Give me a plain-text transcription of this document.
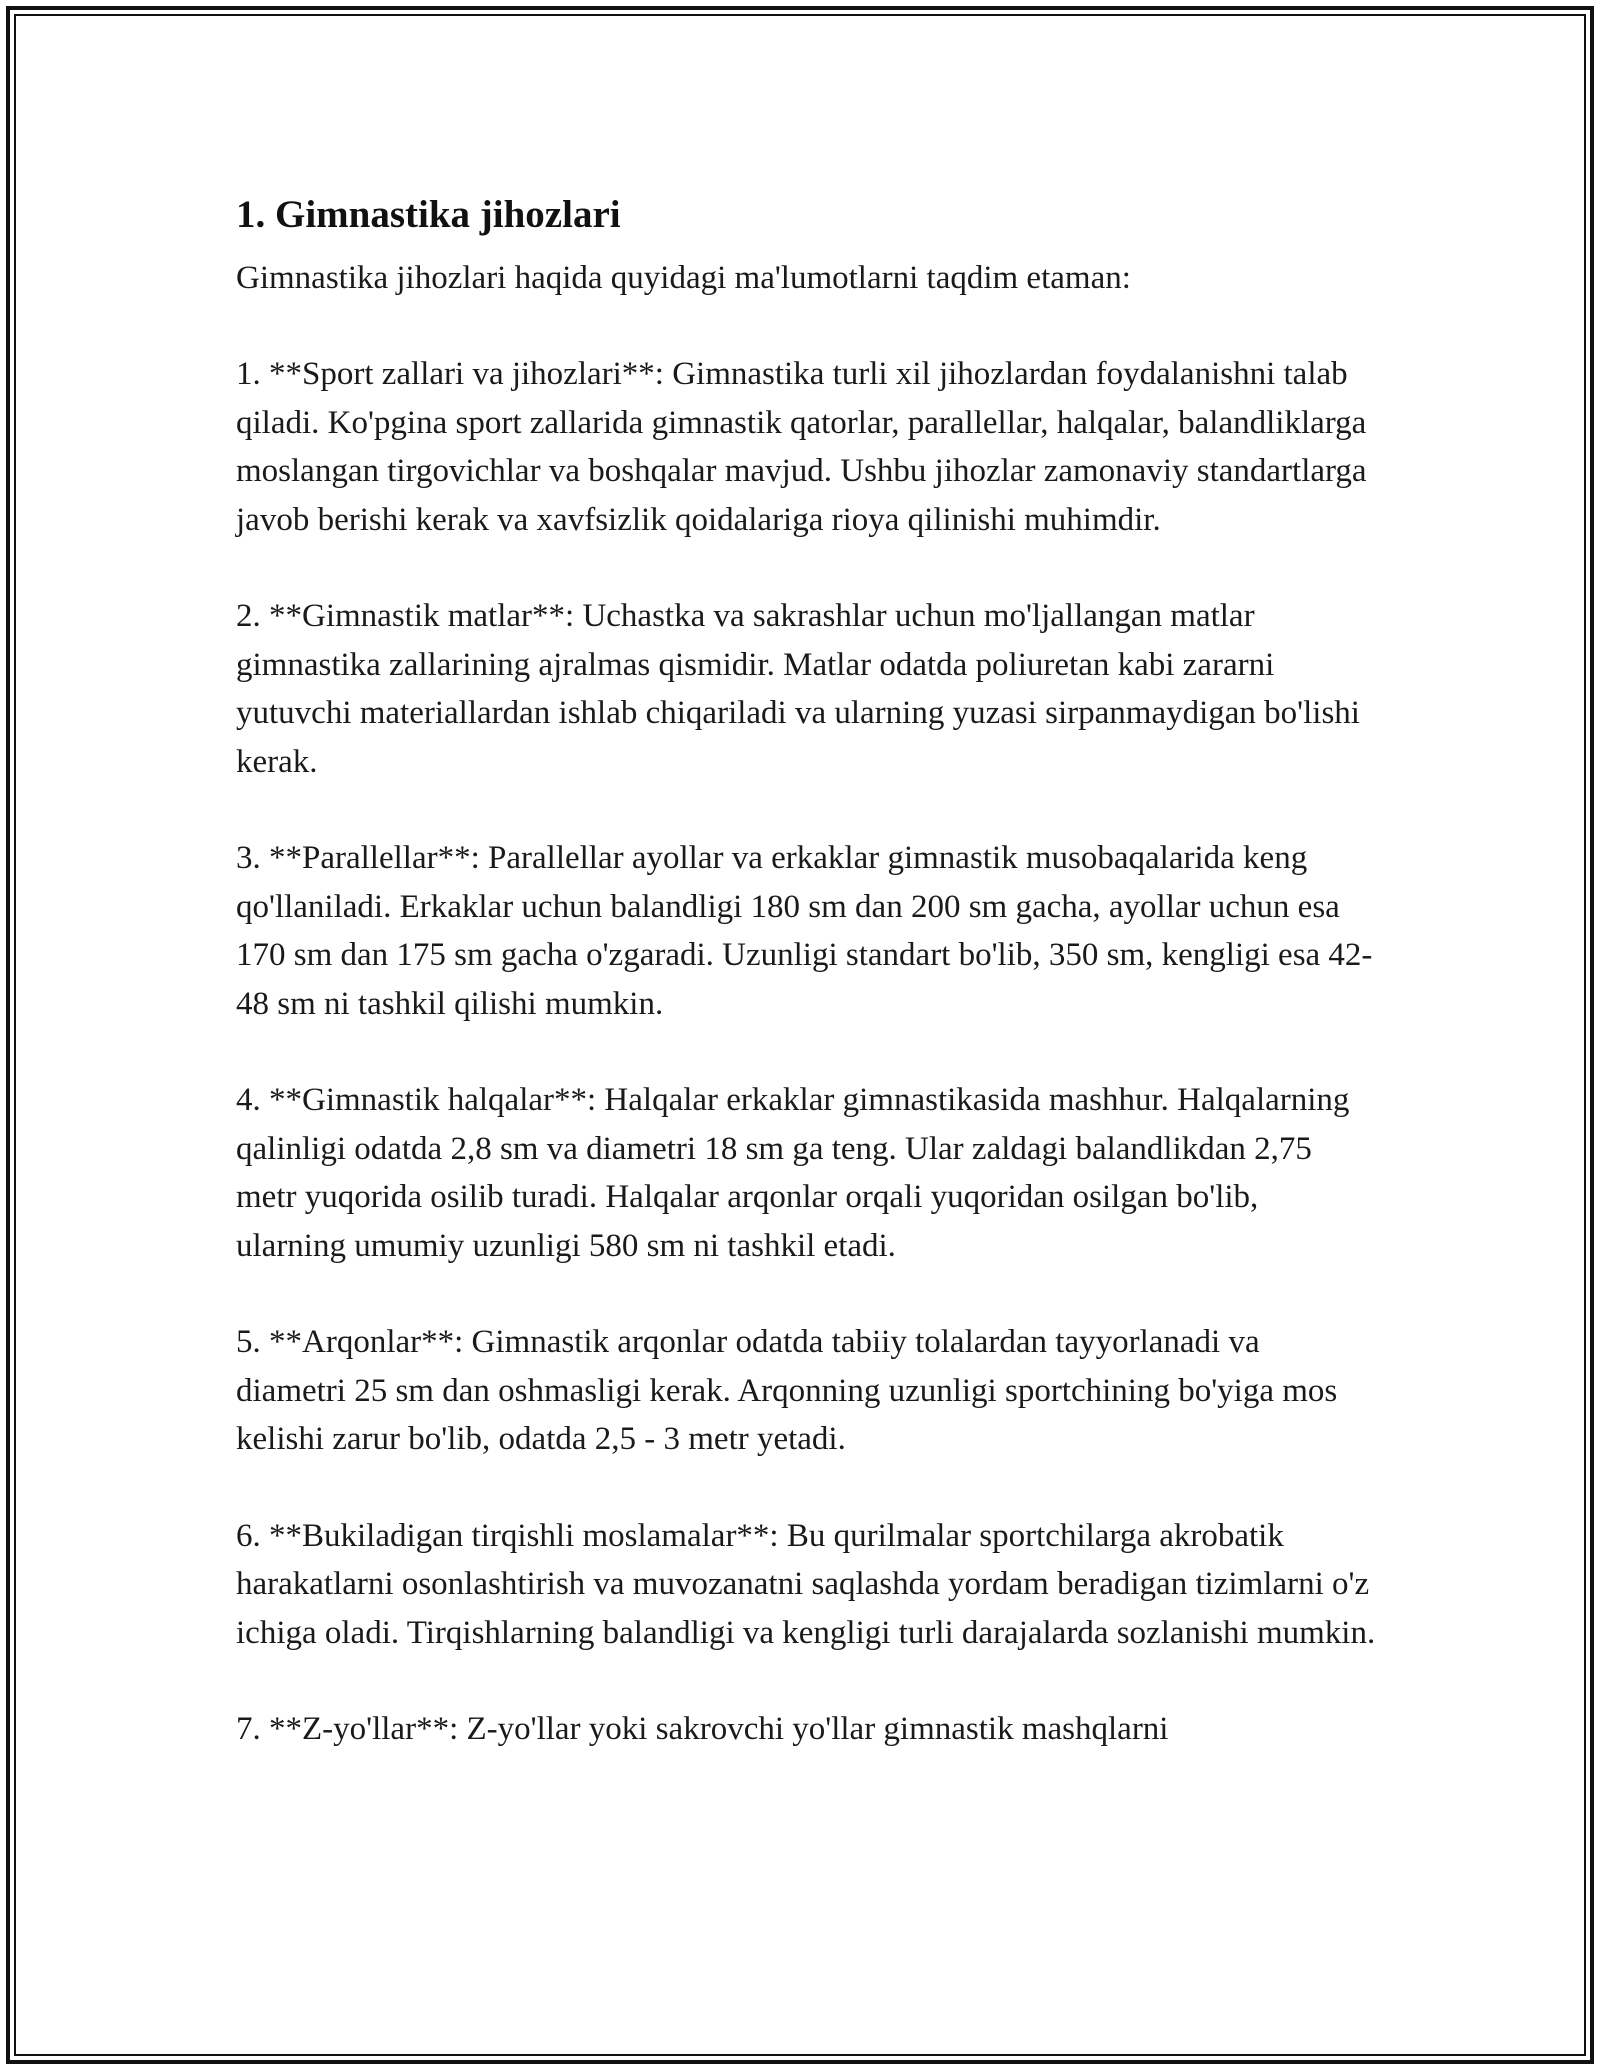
1. Gimnastika jihozlari

Gimnastika jihozlari haqida quyidagi ma'lumotlarni taqdim etaman:

1. **Sport zallari va jihozlari**: Gimnastika turli xil jihozlardan foydalanishni talab qiladi. Ko'pgina sport zallarida gimnastik qatorlar, parallellar, halqalar, balandliklarga moslangan tirgovichlar va boshqalar mavjud. Ushbu jihozlar zamonaviy standartlarga javob berishi kerak va xavfsizlik qoidalariga rioya qilinishi muhimdir.

2. **Gimnastik matlar**: Uchastka va sakrashlar uchun mo'ljallangan matlar gimnastika zallarining ajralmas qismidir. Matlar odatda poliuretan kabi zararni yutuvchi materiallardan ishlab chiqariladi va ularning yuzasi sirpanmaydigan bo'lishi kerak.

3. **Parallellar**: Parallellar ayollar va erkaklar gimnastik musobaqalarida keng qo'llaniladi. Erkaklar uchun balandligi 180 sm dan 200 sm gacha, ayollar uchun esa 170 sm dan 175 sm gacha o'zgaradi. Uzunligi standart bo'lib, 350 sm, kengligi esa 42-48 sm ni tashkil qilishi mumkin.

4. **Gimnastik halqalar**: Halqalar erkaklar gimnastikasida mashhur. Halqalarning qalinligi odatda 2,8 sm va diametri 18 sm ga teng. Ular zaldagi balandlikdan 2,75 metr yuqorida osilib turadi. Halqalar arqonlar orqali yuqoridan osilgan bo'lib, ularning umumiy uzunligi 580 sm ni tashkil etadi.

5. **Arqonlar**: Gimnastik arqonlar odatda tabiiy tolalardan tayyorlanadi va diametri 25 sm dan oshmasligi kerak. Arqonning uzunligi sportchining bo'yiga mos kelishi zarur bo'lib, odatda 2,5 - 3 metr yetadi.

6. **Bukiladigan tirqishli moslamalar**: Bu qurilmalar sportchilarga akrobatik harakatlarni osonlashtirish va muvozanatni saqlashda yordam beradigan tizimlarni o'z ichiga oladi. Tirqishlarning balandligi va kengligi turli darajalarda sozlanishi mumkin.

7. **Z-yo'llar**: Z-yo'llar yoki sakrovchi yo'llar gimnastik mashqlarni
